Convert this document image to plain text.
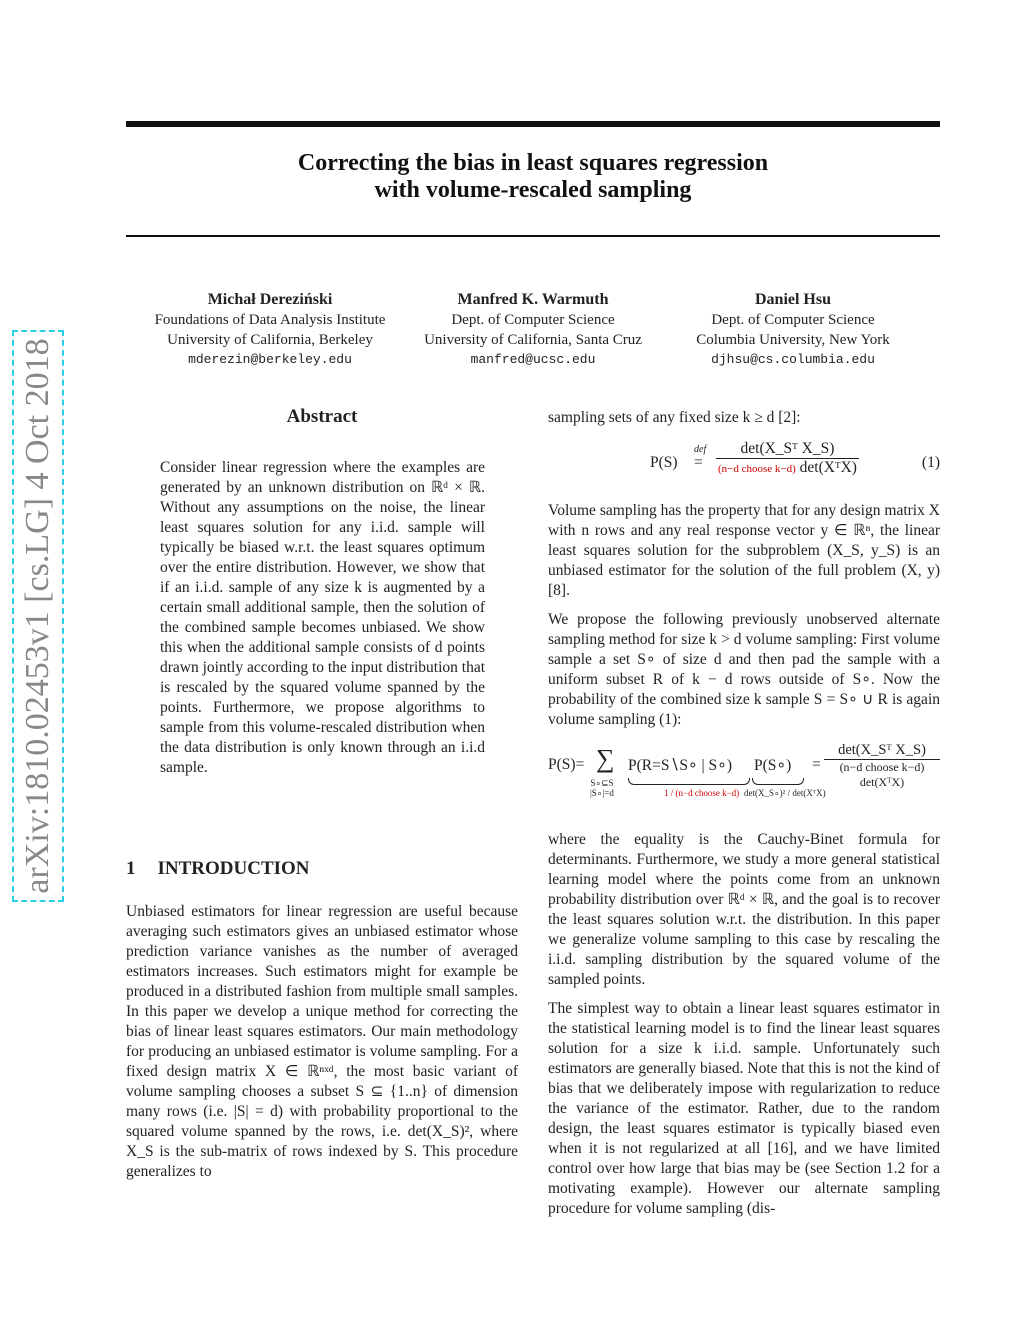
Correcting the bias in least squares regression
with volume-rescaled sampling
arXiv:1810.02453v1 [cs.LG] 4 Oct 2018
Michał Dereziński
Foundations of Data Analysis Institute
University of California, Berkeley
mderezin@berkeley.edu
Manfred K. Warmuth
Dept. of Computer Science
University of California, Santa Cruz
manfred@ucsc.edu
Daniel Hsu
Dept. of Computer Science
Columbia University, New York
djhsu@cs.columbia.edu
Abstract

Consider linear regression where the examples are generated by an unknown distribution on ℝᵈ × ℝ. Without any assumptions on the noise, the linear least squares solution for any i.i.d. sample will typically be biased w.r.t. the least squares optimum over the entire distribution. However, we show that if an i.i.d. sample of any size k is augmented by a certain small additional sample, then the solution of the combined sample becomes unbiased. We show this when the additional sample consists of d points drawn jointly according to the input distribution that is rescaled by the squared volume spanned by the points. Furthermore, we propose algorithms to sample from this volume-rescaled distribution when the data distribution is only known through an i.i.d sample.

1 INTRODUCTION

Unbiased estimators for linear regression are useful because averaging such estimators gives an unbiased estimator whose prediction variance vanishes as the number of averaged estimators increases. Such estimators might for example be produced in a distributed fashion from multiple small samples. In this paper we develop a unique method for correcting the bias of linear least squares estimators. Our main methodology for producing an unbiased estimator is volume sampling. For a fixed design matrix X ∈ ℝⁿˣᵈ, the most basic variant of volume sampling chooses a subset S ⊆ {1..n} of dimension many rows (i.e. |S| = d) with probability proportional to the squared volume spanned by the rows, i.e. det(X_S)², where X_S is the sub-matrix of rows indexed by S. This procedure generalizes to

sampling sets of any fixed size k ≥ d [2]:

P(S)
def
=
det(X_Sᵀ X_S)
(n−d choose k−d) det(XᵀX)	(1)

Volume sampling has the property that for any design matrix X with n rows and any real response vector y ∈ ℝⁿ, the linear least squares solution for the subproblem (X_S, y_S) is an unbiased estimator for the solution of the full problem (X, y) [8].

We propose the following previously unobserved alternate sampling method for size k > d volume sampling: First volume sample a set S∘ of size d and then pad the sample with a uniform subset R of k − d rows outside of S∘. Now the probability of the combined size k sample S = S∘ ∪ R is again volume sampling (1):

P(S)= ∑
S∘⊆S
|S∘|=d
P(R=S∖S∘ | S∘)
1 / (n−d choose k−d)
P(S∘)
det(X_S∘)² / det(XᵀX)
=
det(X_Sᵀ X_S)
(n−d choose k−d) det(XᵀX)

where the equality is the Cauchy-Binet formula for determinants. Furthermore, we study a more general statistical learning model where the points come from an unknown probability distribution over ℝᵈ × ℝ, and the goal is to recover the least squares solution w.r.t. the distribution. In this paper we generalize volume sampling to this case by rescaling the i.i.d. sampling distribution by the squared volume of the sampled points.

The simplest way to obtain a linear least squares estimator in the statistical learning model is to find the linear least squares solution for a size k i.i.d. sample. Unfortunately such estimators are generally biased. Note that this is not the kind of bias that we deliberately impose with regularization to reduce the variance of the estimator. Rather, due to the random design, the least squares estimator is typically biased even when it is not regularized at all [16], and we have limited control over how large that bias may be (see Section 1.2 for a motivating example). However our alternate sampling procedure for volume sampling (dis-
